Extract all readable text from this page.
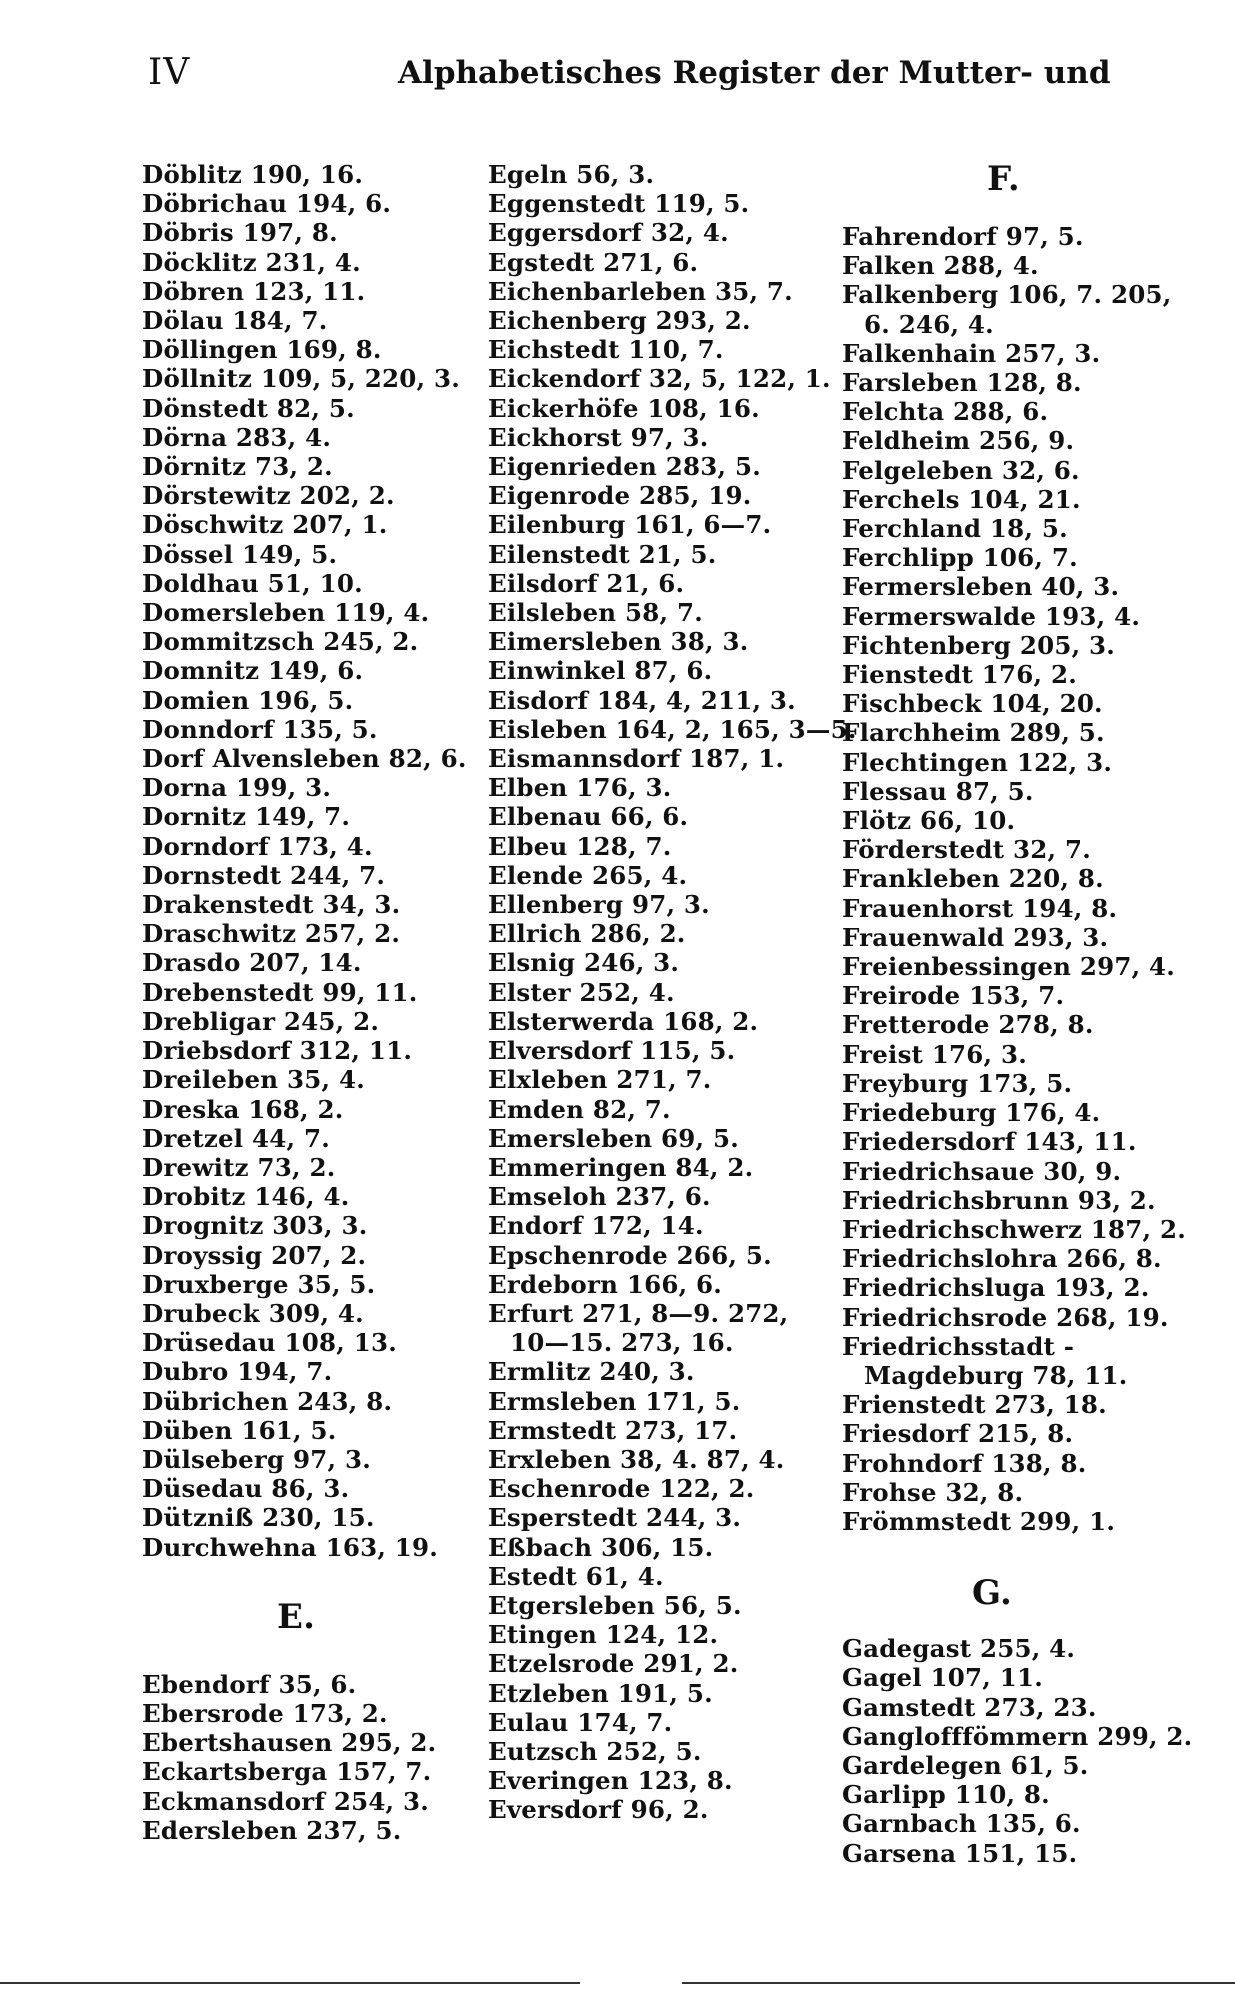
IV	Alphabetisches Register der Mutter- und
Döblitz 190, 16.
Döbrichau 194, 6.
Döbris 197, 8.
Döcklitz 231, 4.
Döbren 123, 11.
Dölau 184, 7.
Döllingen 169, 8.
Döllnitz 109, 5, 220, 3.
Dönstedt 82, 5.
Dörna 283, 4.
Dörnitz 73, 2.
Dörstewitz 202, 2.
Döschwitz 207, 1.
Dössel 149, 5.
Doldhau 51, 10.
Domersleben 119, 4.
Dommitzsch 245, 2.
Domnitz 149, 6.
Domien 196, 5.
Donndorf 135, 5.
Dorf Alvensleben 82, 6.
Dorna 199, 3.
Dornitz 149, 7.
Dorndorf 173, 4.
Dornstedt 244, 7.
Drakenstedt 34, 3.
Draschwitz 257, 2.
Drasdo 207, 14.
Drebenstedt 99, 11.
Drebligar 245, 2.
Driebsdorf 312, 11.
Dreileben 35, 4.
Dreska 168, 2.
Dretzel 44, 7.
Drewitz 73, 2.
Drobitz 146, 4.
Drognitz 303, 3.
Droyssig 207, 2.
Druxberge 35, 5.
Drubeck 309, 4.
Drüsedau 108, 13.
Dubro 194, 7.
Dübrichen 243, 8.
Düben 161, 5.
Dülseberg 97, 3.
Düsedau 86, 3.
Dützniß 230, 15.
Durchwehna 163, 19.
E.
Ebendorf 35, 6.
Ebersrode 173, 2.
Ebertshausen 295, 2.
Eckartsberga 157, 7.
Eckmansdorf 254, 3.
Edersleben 237, 5.
Egeln 56, 3.
Eggenstedt 119, 5.
Eggersdorf 32, 4.
Egstedt 271, 6.
Eichenbarleben 35, 7.
Eichenberg 293, 2.
Eichstedt 110, 7.
Eickendorf 32, 5, 122, 1.
Eickerhöfe 108, 16.
Eickhorst 97, 3.
Eigenrieden 283, 5.
Eigenrode 285, 19.
Eilenburg 161, 6—7.
Eilenstedt 21, 5.
Eilsdorf 21, 6.
Eilsleben 58, 7.
Eimersleben 38, 3.
Einwinkel 87, 6.
Eisdorf 184, 4, 211, 3.
Eisleben 164, 2, 165, 3—5.
Eismannsdorf 187, 1.
Elben 176, 3.
Elbenau 66, 6.
Elbeu 128, 7.
Elende 265, 4.
Ellenberg 97, 3.
Ellrich 286, 2.
Elsnig 246, 3.
Elster 252, 4.
Elsterwerda 168, 2.
Elversdorf 115, 5.
Elxleben 271, 7.
Emden 82, 7.
Emersleben 69, 5.
Emmeringen 84, 2.
Emseloh 237, 6.
Endorf 172, 14.
Epschenrode 266, 5.
Erdeborn 166, 6.
Erfurt 271, 8—9. 272, 10—15. 273, 16.
Ermlitz 240, 3.
Ermsleben 171, 5.
Ermstedt 273, 17.
Erxleben 38, 4. 87, 4.
Eschenrode 122, 2.
Esperstedt 244, 3.
Eßbach 306, 15.
Estedt 61, 4.
Etgersleben 56, 5.
Etingen 124, 12.
Etzelsrode 291, 2.
Etzleben 191, 5.
Eulau 174, 7.
Eutzsch 252, 5.
Everingen 123, 8.
Eversdorf 96, 2.
F.
Fahrendorf 97, 5.
Falken 288, 4.
Falkenberg 106, 7. 205, 6. 246, 4.
Falkenhain 257, 3.
Farsleben 128, 8.
Felchta 288, 6.
Feldheim 256, 9.
Felgeleben 32, 6.
Ferchels 104, 21.
Ferchland 18, 5.
Ferchlipp 106, 7.
Fermersleben 40, 3.
Fermerswalde 193, 4.
Fichtenberg 205, 3.
Fienstedt 176, 2.
Fischbeck 104, 20.
Flarchheim 289, 5.
Flechtingen 122, 3.
Flessau 87, 5.
Flötz 66, 10.
Förderstedt 32, 7.
Frankleben 220, 8.
Frauenhorst 194, 8.
Frauenwald 293, 3.
Freienbessingen 297, 4.
Freirode 153, 7.
Fretterode 278, 8.
Freist 176, 3.
Freyburg 173, 5.
Friedeburg 176, 4.
Friedersdorf 143, 11.
Friedrichsaue 30, 9.
Friedrichsbrunn 93, 2.
Friedrichschwerz 187, 2.
Friedrichslohra 266, 8.
Friedrichsluga 193, 2.
Friedrichsrode 268, 19.
Friedrichsstadt - Magdeburg 78, 11.
Frienstedt 273, 18.
Friesdorf 215, 8.
Frohndorf 138, 8.
Frohse 32, 8.
Frömmstedt 299, 1.
G.
Gadegast 255, 4.
Gagel 107, 11.
Gamstedt 273, 23.
Ganglofffömmern 299, 2.
Gardelegen 61, 5.
Garlipp 110, 8.
Garnbach 135, 6.
Garsena 151, 15.
